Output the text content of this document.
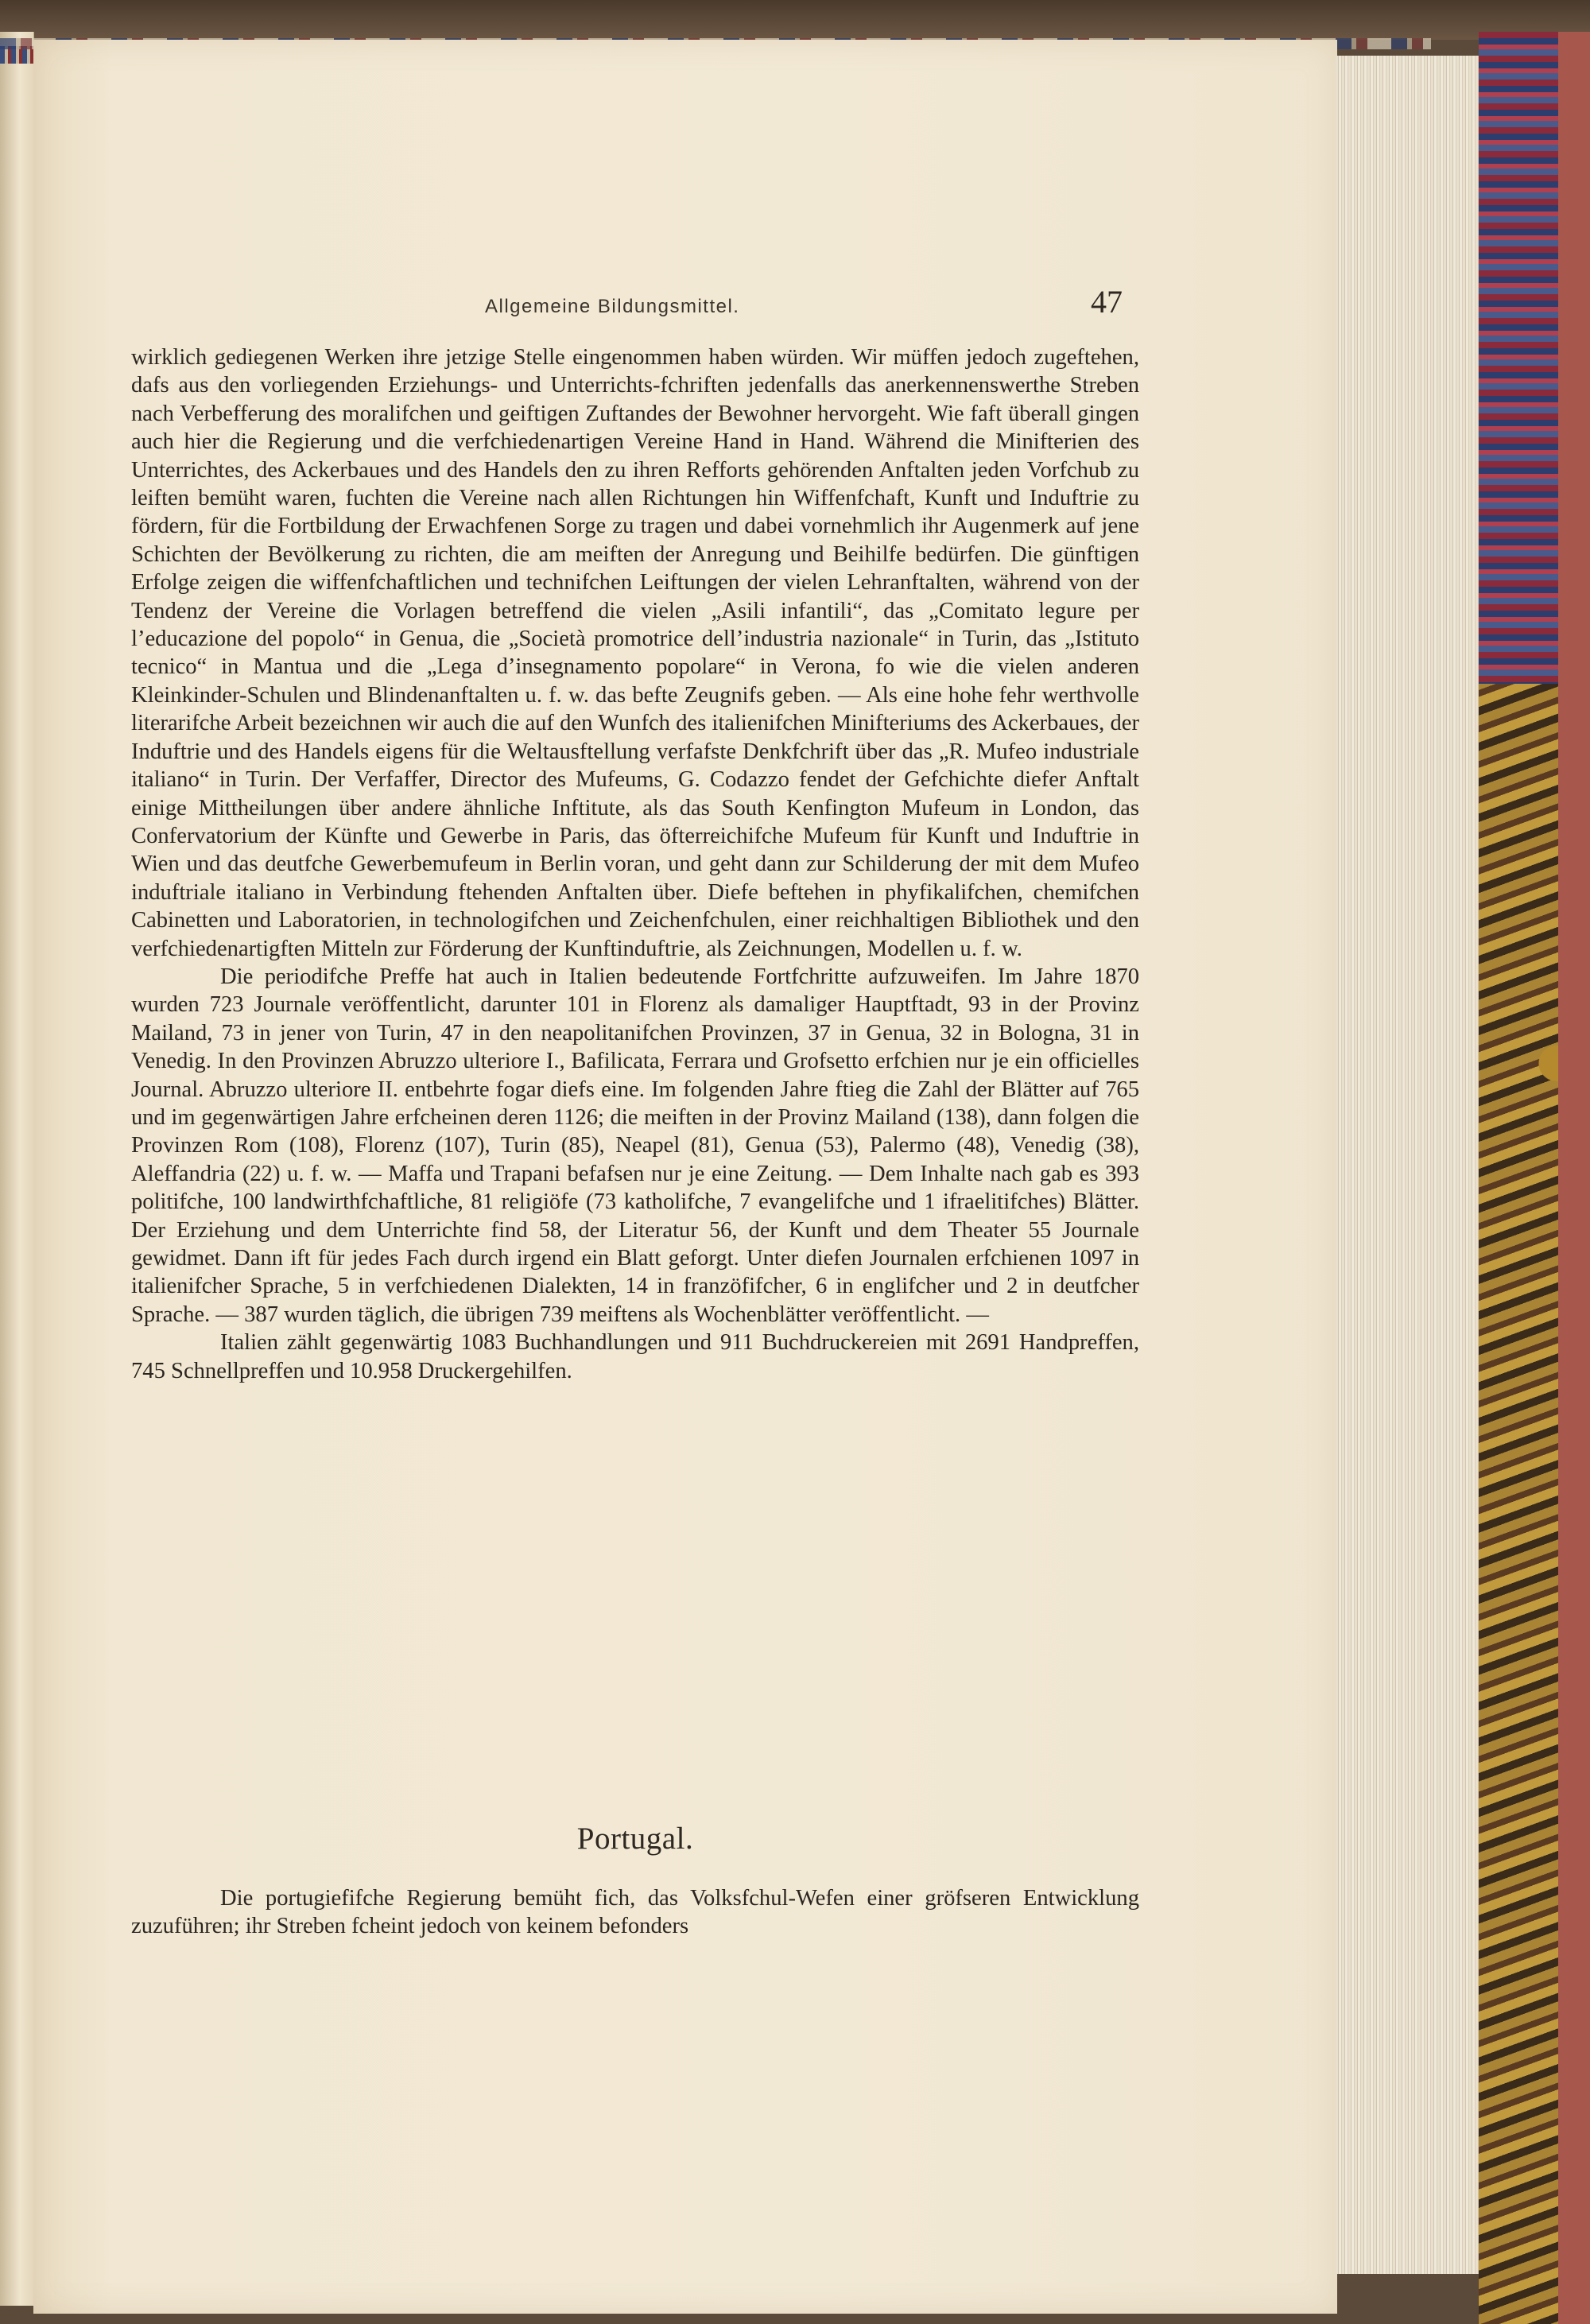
Allgemeine Bildungsmittel.	47

wirklich gediegenen Werken ihre jetzige Stelle eingenommen haben würden. Wir müffen jedoch zugeftehen, dafs aus den vorliegenden Erziehungs- und Unterrichts-fchriften jedenfalls das anerkennenswerthe Streben nach Verbefferung des moralifchen und geiftigen Zuftandes der Bewohner hervorgeht. Wie faft überall gingen auch hier die Regierung und die verfchiedenartigen Vereine Hand in Hand. Während die Minifterien des Unterrichtes, des Ackerbaues und des Handels den zu ihren Refforts gehörenden Anftalten jeden Vorfchub zu leiften bemüht waren, fuchten die Vereine nach allen Richtungen hin Wiffenfchaft, Kunft und Induftrie zu fördern, für die Fortbildung der Erwachfenen Sorge zu tragen und dabei vornehmlich ihr Augenmerk auf jene Schichten der Bevölkerung zu richten, die am meiften der Anregung und Beihilfe bedürfen. Die günftigen Erfolge zeigen die wiffenfchaftlichen und technifchen Leiftungen der vielen Lehranftalten, während von der Tendenz der Vereine die Vorlagen betreffend die vielen „Asili infantili“, das „Comitato legure per l’educazione del popolo“ in Genua, die „Società promotrice dell’industria nazionale“ in Turin, das „Istituto tecnico“ in Mantua und die „Lega d’insegnamento popolare“ in Verona, fo wie die vielen anderen Kleinkinder-Schulen und Blindenanftalten u. f. w. das befte Zeugnifs geben. — Als eine hohe fehr werthvolle literarifche Arbeit bezeichnen wir auch die auf den Wunfch des italienifchen Minifteriums des Ackerbaues, der Induftrie und des Handels eigens für die Weltausftellung verfafste Denkfchrift über das „R. Mufeo industriale italiano“ in Turin. Der Verfaffer, Director des Mufeums, G. Codazzo fendet der Gefchichte diefer Anftalt einige Mittheilungen über andere ähnliche Inftitute, als das South Kenfington Mufeum in London, das Confervatorium der Künfte und Gewerbe in Paris, das öfterreichifche Mufeum für Kunft und Induftrie in Wien und das deutfche Gewerbemufeum in Berlin voran, und geht dann zur Schilderung der mit dem Mufeo induftriale italiano in Verbindung ftehenden Anftalten über. Diefe beftehen in phyfikalifchen, chemifchen Cabinetten und Laboratorien, in technologifchen und Zeichenfchulen, einer reichhaltigen Bibliothek und den verfchiedenartigften Mitteln zur Förderung der Kunftinduftrie, als Zeichnungen, Modellen u. f. w.

Die periodifche Preffe hat auch in Italien bedeutende Fortfchritte aufzuweifen. Im Jahre 1870 wurden 723 Journale veröffentlicht, darunter 101 in Florenz als damaliger Hauptftadt, 93 in der Provinz Mailand, 73 in jener von Turin, 47 in den neapolitanifchen Provinzen, 37 in Genua, 32 in Bologna, 31 in Venedig. In den Provinzen Abruzzo ulteriore I., Bafilicata, Ferrara und Grofsetto erfchien nur je ein officielles Journal. Abruzzo ulteriore II. entbehrte fogar diefs eine. Im folgenden Jahre ftieg die Zahl der Blätter auf 765 und im gegenwärtigen Jahre erfcheinen deren 1126; die meiften in der Provinz Mailand (138), dann folgen die Provinzen Rom (108), Florenz (107), Turin (85), Neapel (81), Genua (53), Palermo (48), Venedig (38), Aleffandria (22) u. f. w. — Maffa und Trapani befafsen nur je eine Zeitung. — Dem Inhalte nach gab es 393 politifche, 100 landwirthfchaftliche, 81 religiöfe (73 katholifche, 7 evangelifche und 1 ifraelitifches) Blätter. Der Erziehung und dem Unterrichte find 58, der Literatur 56, der Kunft und dem Theater 55 Journale gewidmet. Dann ift für jedes Fach durch irgend ein Blatt geforgt. Unter diefen Journalen erfchienen 1097 in italienifcher Sprache, 5 in verfchiedenen Dialekten, 14 in franzöfifcher, 6 in englifcher und 2 in deutfcher Sprache. — 387 wurden täglich, die übrigen 739 meiftens als Wochenblätter veröffentlicht. —

Italien zählt gegenwärtig 1083 Buchhandlungen und 911 Buchdruckereien mit 2691 Handpreffen, 745 Schnellpreffen und 10.958 Druckergehilfen.

Portugal.

Die portugiefifche Regierung bemüht fich, das Volksfchul-Wefen einer gröfseren Entwicklung zuzuführen; ihr Streben fcheint jedoch von keinem befonders
